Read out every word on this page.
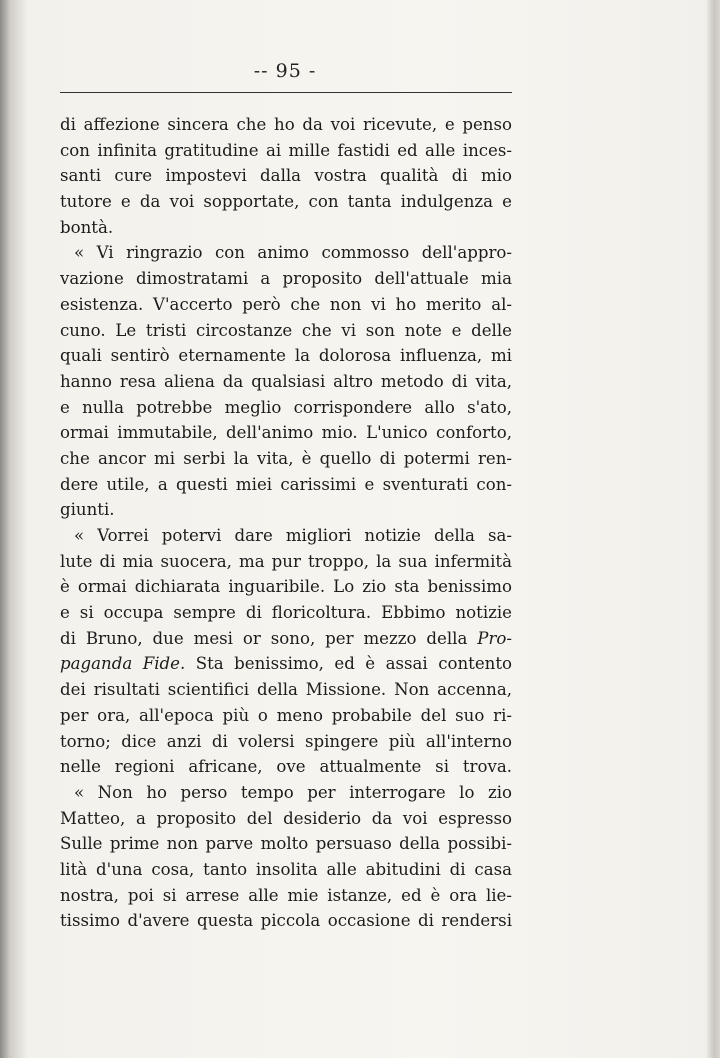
-- 95 -
di affezione sincera che ho da voi ricevute, e penso
con infinita gratitudine ai mille fastidi ed alle inces-
santi cure impostevi dalla vostra qualità di mio
tutore e da voi sopportate, con tanta indulgenza e
bontà.
« Vi ringrazio con animo commosso dell'appro-
vazione dimostratami a proposito dell'attuale mia
esistenza. V'accerto però che non vi ho merito al-
cuno. Le tristi circostanze che vi son note e delle
quali sentirò eternamente la dolorosa influenza, mi
hanno resa aliena da qualsiasi altro metodo di vita,
e nulla potrebbe meglio corrispondere allo s'ato,
ormai immutabile, dell'animo mio. L'unico conforto,
che ancor mi serbi la vita, è quello di potermi ren-
dere utile, a questi miei carissimi e sventurati con-
giunti.
« Vorrei potervi dare migliori notizie della sa-
lute di mia suocera, ma pur troppo, la sua infermità
è ormai dichiarata inguaribile. Lo zio sta benissimo
e si occupa sempre di floricoltura. Ebbimo notizie
di Bruno, due mesi or sono, per mezzo della Pro-
paganda Fide. Sta benissimo, ed è assai contento
dei risultati scientifici della Missione. Non accenna,
per ora, all'epoca più o meno probabile del suo ri-
torno; dice anzi di volersi spingere più all'interno
nelle regioni africane, ove attualmente si trova.
« Non ho perso tempo per interrogare lo zio
Matteo, a proposito del desiderio da voi espresso
Sulle prime non parve molto persuaso della possibi-
lità d'una cosa, tanto insolita alle abitudini di casa
nostra, poi si arrese alle mie istanze, ed è ora lie-
tissimo d'avere questa piccola occasione di rendersi
